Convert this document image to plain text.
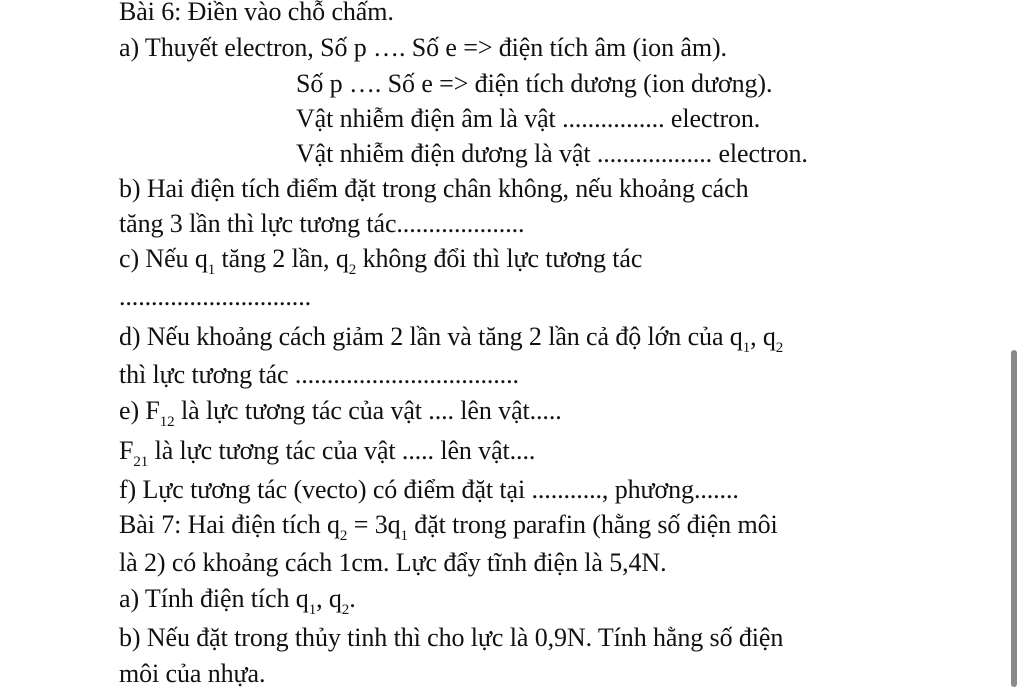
Bài 6: Điền vào chỗ chấm.
a) Thuyết electron, Số p …. Số e => điện tích âm (ion âm).
Số p …. Số e => điện tích dương (ion dương).
Vật nhiễm điện âm là vật ................ electron.
Vật nhiễm điện dương là vật .................. electron.
b) Hai điện tích điểm đặt trong chân không, nếu khoảng cách
tăng 3 lần thì lực tương tác....................
c) Nếu $q_1$ tăng 2 lần, $q_2$ không đổi thì lực tương tác
..............................
d) Nếu khoảng cách giảm 2 lần và tăng 2 lần cả độ lớn của $q_1$, $q_2$
thì lực tương tác ...................................
e) $F_{12}$ là lực tương tác của vật .... lên vật.....
$F_{21}$ là lực tương tác của vật ..... lên vật....
f) Lực tương tác (vecto) có điểm đặt tại ..........., phương.......
Bài 7: Hai điện tích $q_2 = 3q_1$ đặt trong parafin (hằng số điện môi
là 2) có khoảng cách 1cm. Lực đẩy tĩnh điện là 5,4N.
a) Tính điện tích $q_1$, $q_2$.
b) Nếu đặt trong thủy tinh thì cho lực là 0,9N. Tính hằng số điện
môi của nhựa.
